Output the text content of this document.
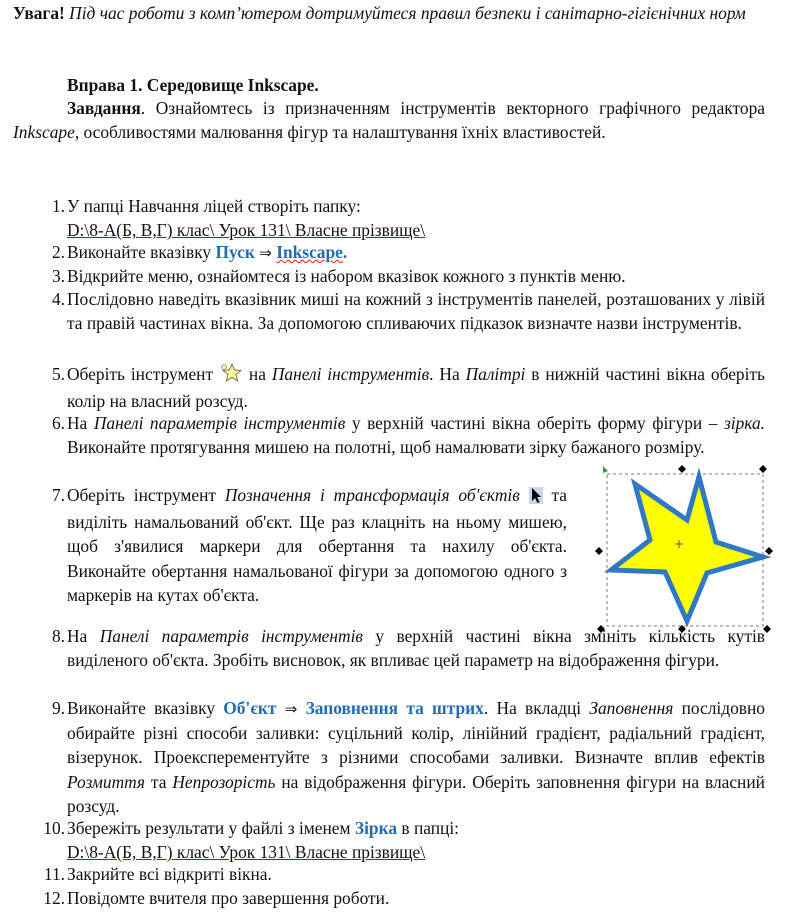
Увага! Під час роботи з комп’ютером дотримуйтеся правил безпеки і санітарно-гігієнічних норм
Вправа 1. Середовище Inkscape.
Завдання. Ознайомтесь із призначенням інструментів векторного графічного редактора Inkscape, особливостями малювання фігур та налаштування їхніх властивостей.
1. У папці Навчання ліцей створіть папку:
D:\8-А(Б, В,Г) клас\ Урок 131\ Власне прізвище\
2. Виконайте вказівку Пуск ⇒ Inkscape.
3. Відкрийте меню, ознайомтеся із набором вказівок кожного з пунктів меню.
4. Послідовно наведіть вказівник миші на кожний з інструментів панелей, розташованих у лівій та правій частинах вікна. За допомогою спливаючих підказок визначте назви інструментів.
5. Оберіть інструмент  на Панелі інструментів. На Палітрі в нижній частині вікна оберіть колір на власний розсуд.
6. На Панелі параметрів інструментів у верхній частині вікна оберіть форму фігури – зірка. Виконайте протягування мишею на полотні, щоб намалювати зірку бажаного розміру.
7. Оберіть інструмент Позначення і трансформація об'єктів  та виділіть намальований об'єкт. Ще раз клацніть на ньому мишею, щоб з'явилися маркери для обертання та нахилу об'єкта. Виконайте обертання намальованої фігури за допомогою одного з маркерів на кутах об'єкта.
+
8. На Панелі параметрів інструментів у верхній частині вікна змініть кількість кутів виділеного об'єкта. Зробіть висновок, як впливає цей параметр на відображення фігури.
9. Виконайте вказівку Об'єкт ⇒ Заповнення та штрих. На вкладці Заповнення послідовно обирайте різні способи заливки: суцільний колір, лінійний градієнт, радіальний градієнт, візерунок. Проексперементуйте з різними способами заливки. Визначте вплив ефектів Розмиття та Непрозорість на відображення фігури. Оберіть заповнення фігури на власний розсуд.
10. Збережіть результати у файлі з іменем Зірка в папці:
D:\8-А(Б, В,Г) клас\ Урок 131\ Власне прізвище\
11. Закрийте всі відкриті вікна.
12. Повідомте вчителя про завершення роботи.
